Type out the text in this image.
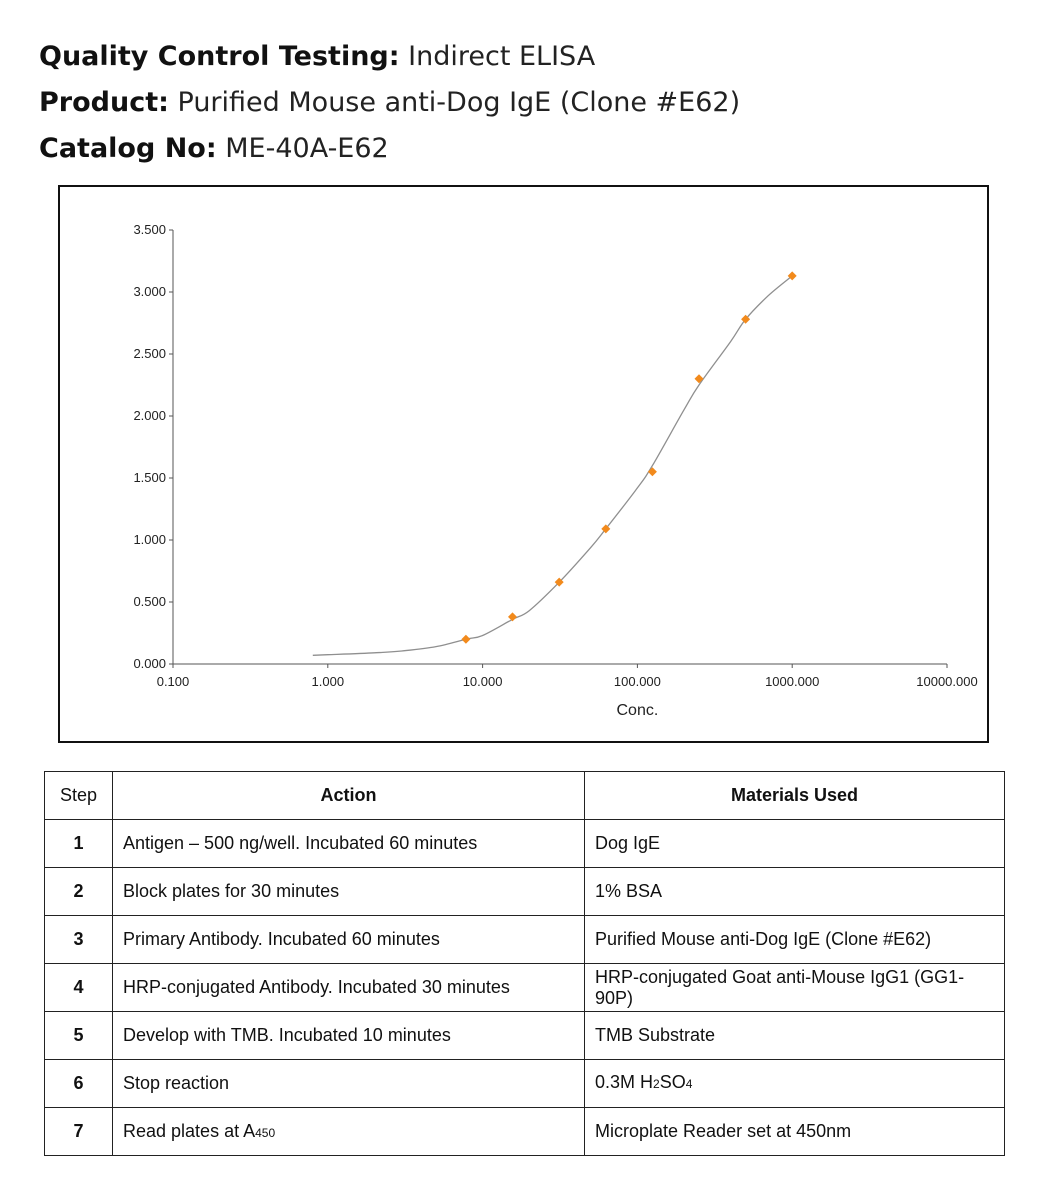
Quality Control Testing: Indirect ELISA
Product: Purified Mouse anti-Dog IgE (Clone #E62)
Catalog No: ME-40A-E62
0.000
0.500
1.000
1.500
2.000
2.500
3.000
3.500
0.100	1.000	10.000	100.000	1000.000	10000.000
Conc.
Step	Action	Materials Used
1	Antigen – 500 ng/well. Incubated 60 minutes	Dog IgE
2	Block plates for 30 minutes	1% BSA
3	Primary Antibody. Incubated 60 minutes	Purified Mouse anti-Dog IgE (Clone #E62)
4	HRP-conjugated Antibody. Incubated 30 minutes	HRP-conjugated Goat anti-Mouse IgG1 (GG1-90P)
5	Develop with TMB. Incubated 10 minutes	TMB Substrate
6	Stop reaction	0.3M H2SO4
7	Read plates at A450	Microplate Reader set at 450nm
